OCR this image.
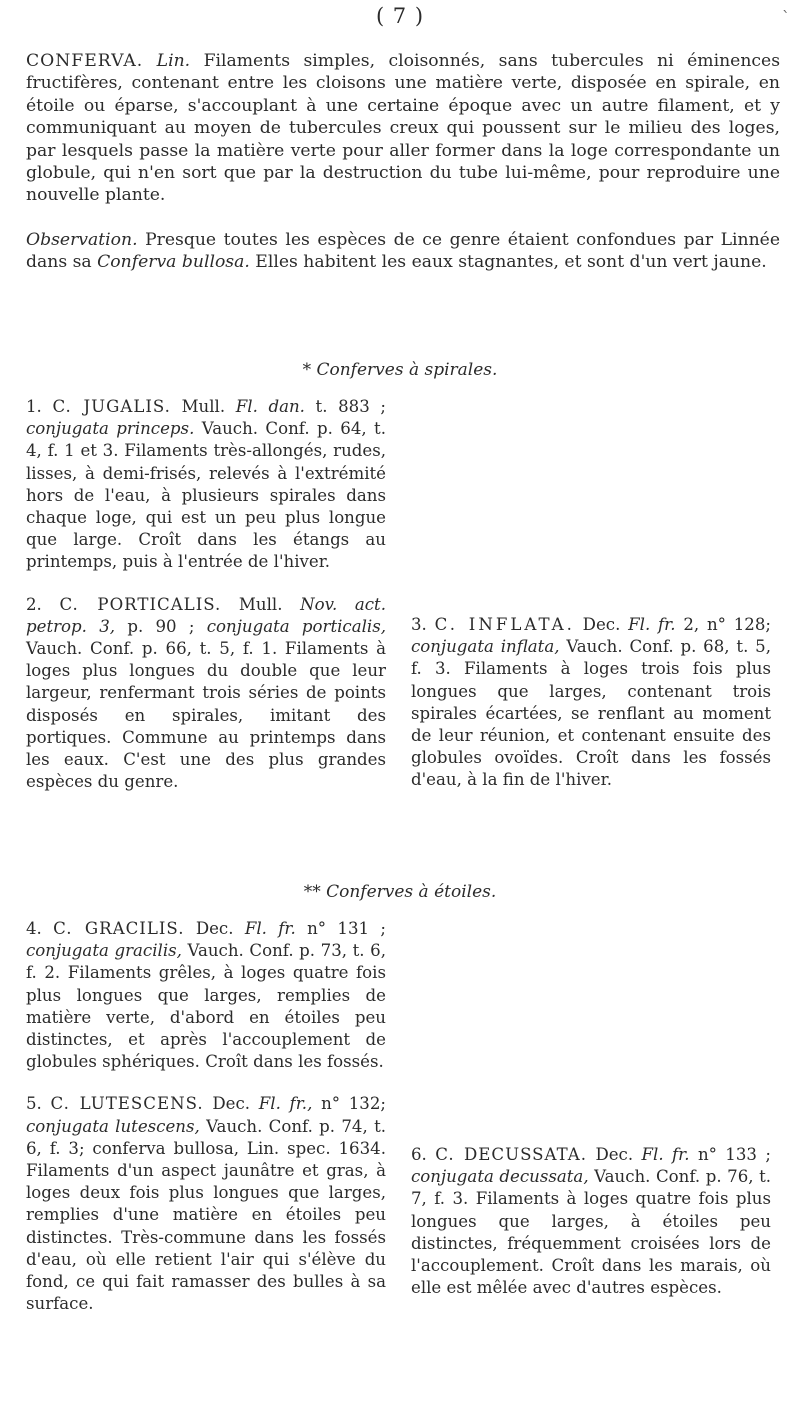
( 7 )	ˋ

CONFERVA. Lin. Filaments simples, cloisonnés, sans tubercules ni éminences fructifères, contenant entre les cloisons une matière verte, disposée en spirale, en étoile ou éparse, s'accouplant à une certaine époque avec un autre filament, et y communiquant au moyen de tubercules creux qui poussent sur le milieu des loges, par lesquels passe la matière verte pour aller former dans la loge correspondante un globule, qui n'en sort que par la destruction du tube lui-même, pour reproduire une nouvelle plante.

Observation. Presque toutes les espèces de ce genre étaient confondues par Linnée dans sa Conferva bullosa. Elles habitent les eaux stagnantes, et sont d'un vert jaune.

* Conferves à spirales.

1. C. JUGALIS. Mull. Fl. dan. t. 883 ; conjugata princeps. Vauch. Conf. p. 64, t. 4, f. 1 et 3. Filaments très-allongés, rudes, lisses, à demi-frisés, relevés à l'extrémité hors de l'eau, à plusieurs spirales dans chaque loge, qui est un peu plus longue que large. Croît dans les étangs au printemps, puis à l'entrée de l'hiver.

2. C. PORTICALIS. Mull. Nov. act. petrop. 3, p. 90 ; conjugata porticalis, Vauch. Conf. p. 66, t. 5, f. 1. Filaments à loges plus longues du double que leur largeur, renfermant trois séries de points disposés en spirales, imitant des portiques. Commune au printemps dans les eaux. C'est une des plus grandes espèces du genre.

3. C. INFLATA. Dec. Fl. fr. 2, n° 128; conjugata inflata, Vauch. Conf. p. 68, t. 5, f. 3. Filaments à loges trois fois plus longues que larges, contenant trois spirales écartées, se renflant au moment de leur réunion, et contenant ensuite des globules ovoïdes. Croît dans les fossés d'eau, à la fin de l'hiver.

** Conferves à étoiles.

4. C. GRACILIS. Dec. Fl. fr. n° 131 ; conjugata gracilis, Vauch. Conf. p. 73, t. 6, f. 2. Filaments grêles, à loges quatre fois plus longues que larges, remplies de matière verte, d'abord en étoiles peu distinctes, et après l'accouplement de globules sphériques. Croît dans les fossés.

5. C. LUTESCENS. Dec. Fl. fr., n° 132; conjugata lutescens, Vauch. Conf. p. 74, t. 6, f. 3; conferva bullosa, Lin. spec. 1634. Filaments d'un aspect jaunâtre et gras, à loges deux fois plus longues que larges, remplies d'une matière en étoiles peu distinctes. Très-commune dans les fossés d'eau, où elle retient l'air qui s'élève du fond, ce qui fait ramasser des bulles à sa surface.

6. C. DECUSSATA. Dec. Fl. fr. n° 133 ; conjugata decussata, Vauch. Conf. p. 76, t. 7, f. 3. Filaments à loges quatre fois plus longues que larges, à étoiles peu distinctes, fréquemment croisées lors de l'accouplement. Croît dans les marais, où elle est mêlée avec d'autres espèces.
